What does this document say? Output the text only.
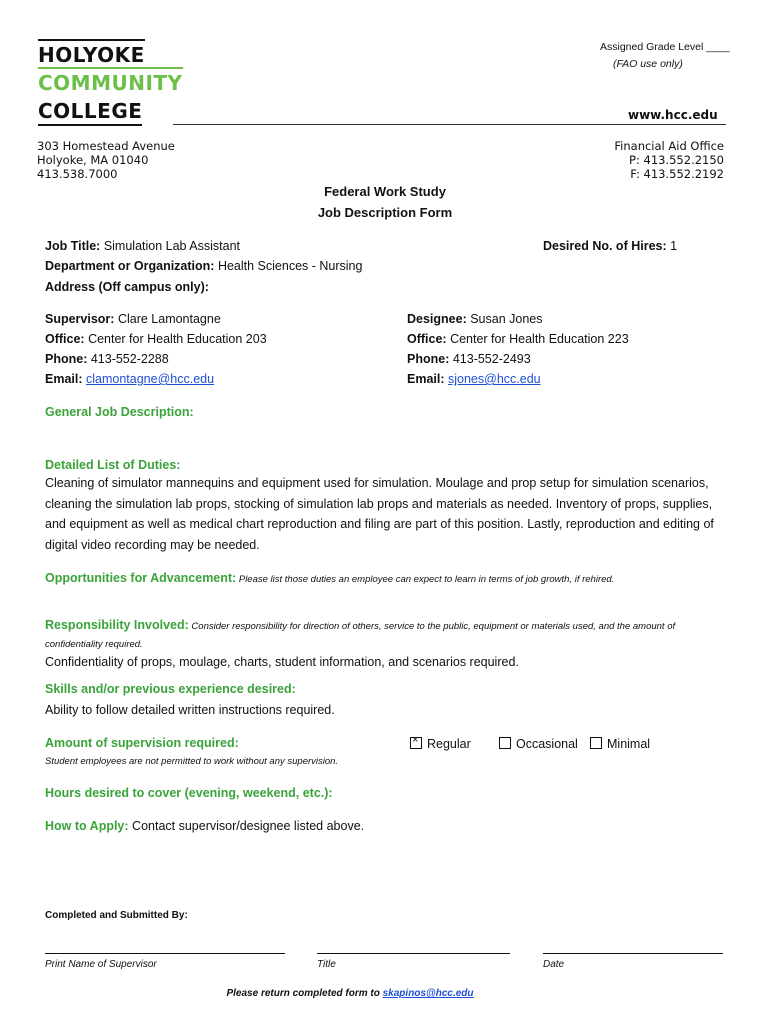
Assigned Grade Level ____
(FAO use only)
HOLYOKE
COMMUNITY
COLLEGE	www.hcc.edu
303 Homestead Avenue
Holyoke, MA 01040
413.538.7000
Financial Aid Office
P: 413.552.2150
F: 413.552.2192
Federal Work Study
Job Description Form
Job Title: Simulation Lab Assistant	Desired No. of Hires: 1
Department or Organization: Health Sciences - Nursing
Address (Off campus only):
Supervisor: Clare Lamontagne
Office: Center for Health Education 203
Phone: 413-552-2288
Email: clamontagne@hcc.edu
Designee: Susan Jones
Office: Center for Health Education 223
Phone: 413-552-2493
Email: sjones@hcc.edu
General Job Description:
Detailed List of Duties:
Cleaning of simulator mannequins and equipment used for simulation. Moulage and prop setup for simulation scenarios, cleaning the simulation lab props, stocking of simulation lab props and materials as needed. Inventory of props, supplies, and equipment as well as medical chart reproduction and filing are part of this position. Lastly, reproduction and editing of digital video recording may be needed.
Opportunities for Advancement: Please list those duties an employee can expect to learn in terms of job growth, if rehired.
Responsibility Involved: Consider responsibility for direction of others, service to the public, equipment or materials used, and the amount of confidentiality required.
Confidentiality of props, moulage, charts, student information, and scenarios required.
Skills and/or previous experience desired:
Ability to follow detailed written instructions required.
Amount of supervision required:
×	Regular	Occasional	Minimal
Student employees are not permitted to work without any supervision.
Hours desired to cover (evening, weekend, etc.):
How to Apply: Contact supervisor/designee listed above.
Completed and Submitted By:
Print Name of Supervisor	Title	Date
Please return completed form to skapinos@hcc.edu
